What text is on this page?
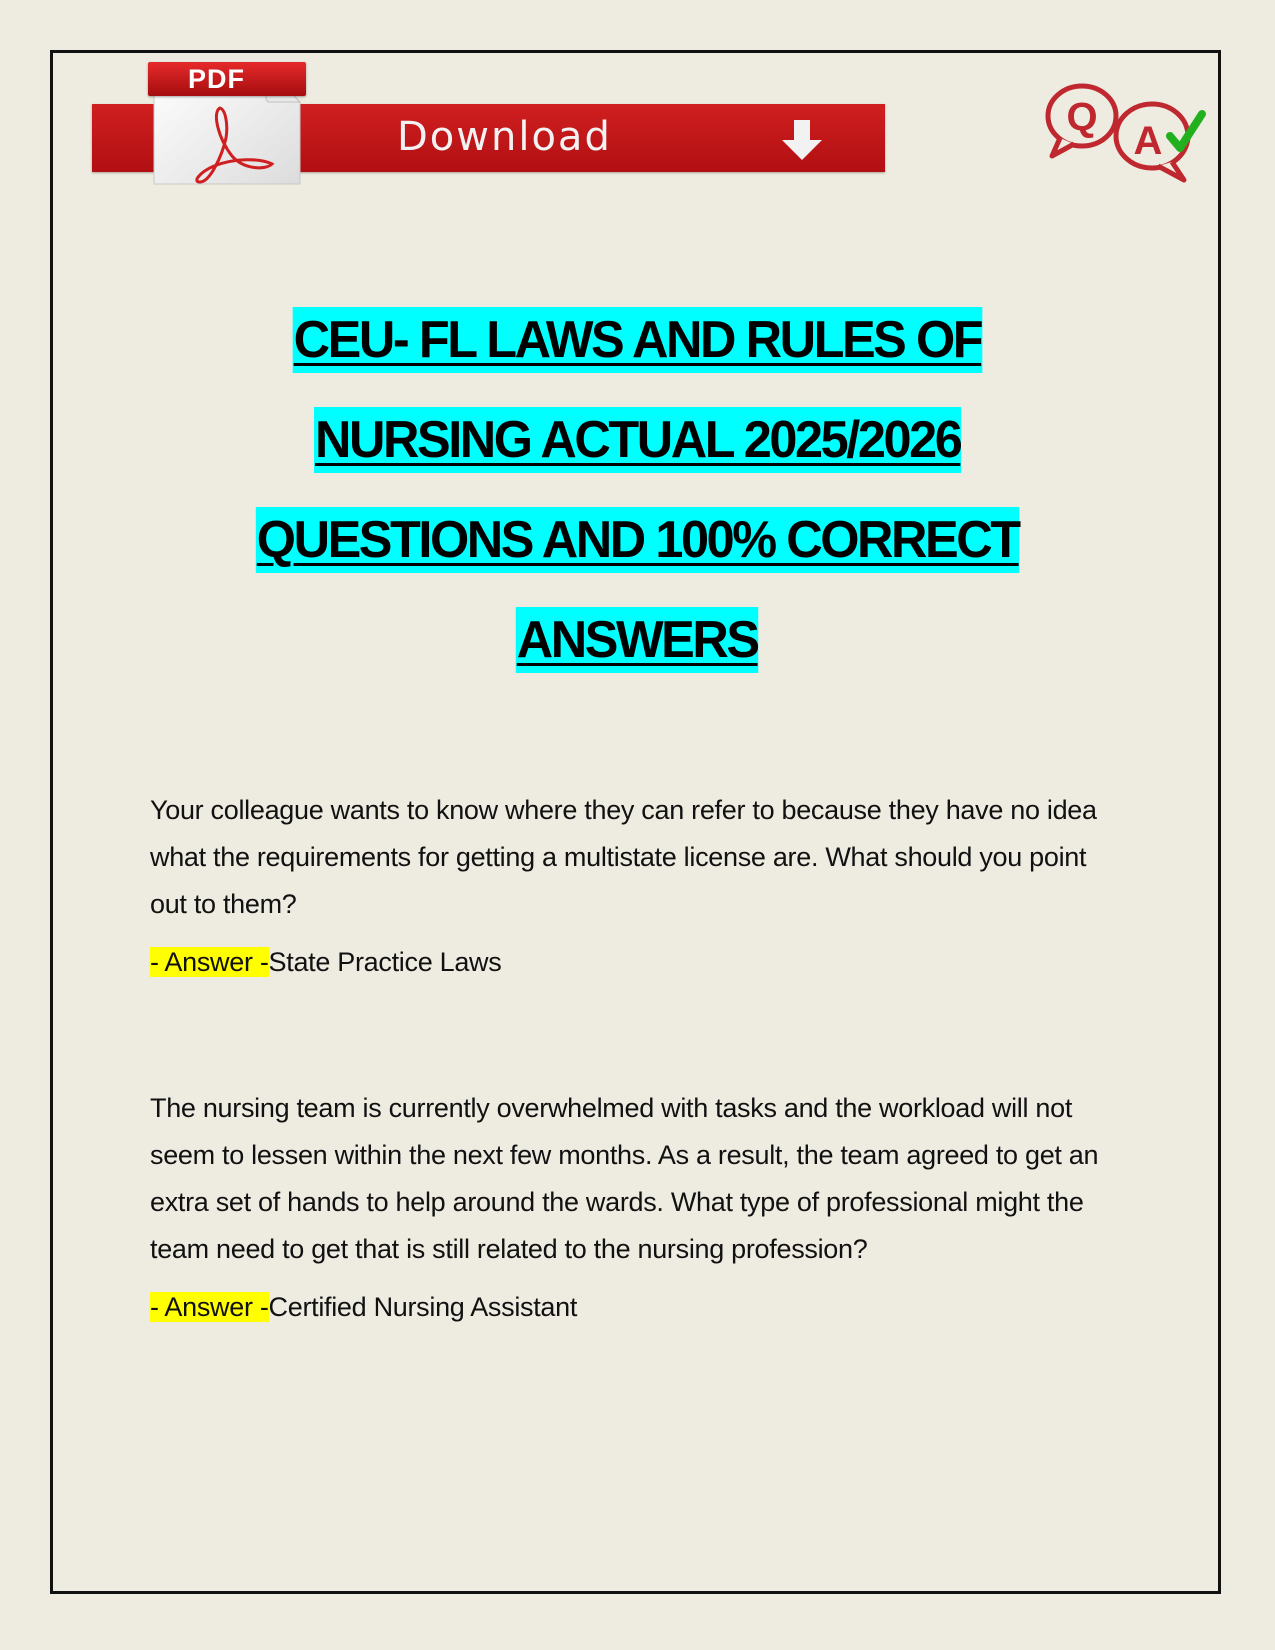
Download
PDF
Q
A
CEU- FL LAWS AND RULES OF
NURSING ACTUAL 2025/2026
QUESTIONS AND 100% CORRECT
ANSWERS

Your colleague wants to know where they can refer to because they have no idea what the requirements for getting a multistate license are. What should you point out to them?

- Answer -State Practice Laws

The nursing team is currently overwhelmed with tasks and the workload will not seem to lessen within the next few months. As a result, the team agreed to get an extra set of hands to help around the wards. What type of professional might the team need to get that is still related to the nursing profession?

- Answer -Certified Nursing Assistant
